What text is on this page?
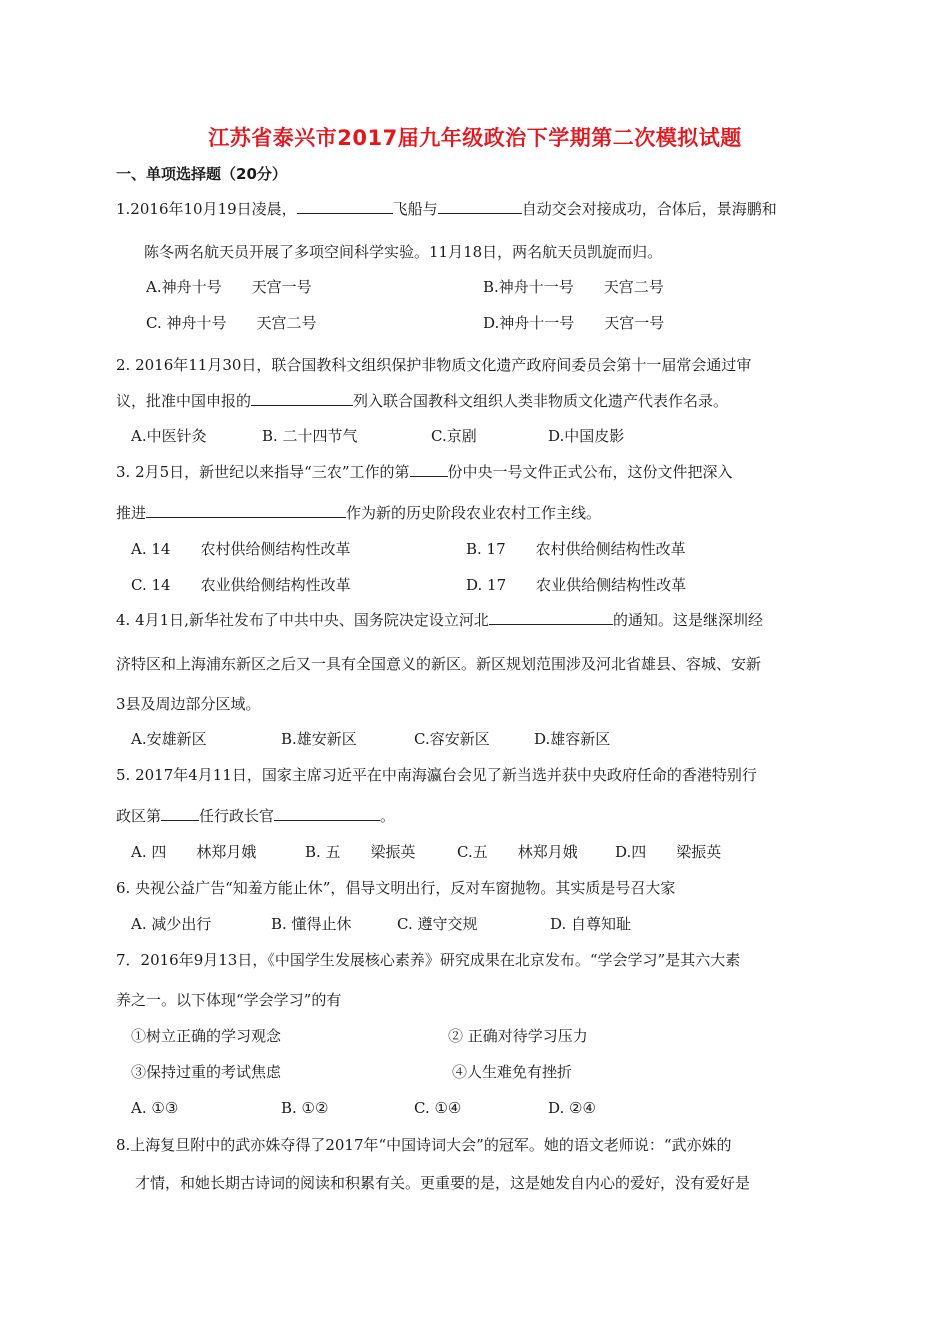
江苏省泰兴市2017届九年级政治下学期第二次模拟试题
一、单项选择题（20分）
1.2016年10月19日凌晨，	飞船与	自动交会对接成功，合体后，景海鹏和
陈冬两名航天员开展了多项空间科学实验。11月18日，两名航天员凯旋而归。
A.神舟十号　　天宫一号	B.神舟十一号　　天宫二号
C. 神舟十号　　天宫二号	D.神舟十一号　　天宫一号
2. 2016年11月30日，联合国教科文组织保护非物质文化遗产政府间委员会第十一届常会通过审
议，批准中国申报的	列入联合国教科文组织人类非物质文化遗产代表作名录。
A.中医针灸	B. 二十四节气	C.京剧	D.中国皮影
3. 2月5日，新世纪以来指导“三农”工作的第	份中央一号文件正式公布，这份文件把深入
推进	作为新的历史阶段农业农村工作主线。
A. 14　　农村供给侧结构性改革	B. 17　　农村供给侧结构性改革
C. 14　　农业供给侧结构性改革	D. 17　　农业供给侧结构性改革
4. 4月1日,新华社发布了中共中央、国务院决定设立河北	的通知。这是继深圳经
济特区和上海浦东新区之后又一具有全国意义的新区。新区规划范围涉及河北省雄县、容城、安新
3县及周边部分区域。
A.安雄新区	B.雄安新区	C.容安新区	D.雄容新区
5. 2017年4月11日，国家主席习近平在中南海瀛台会见了新当选并获中央政府任命的香港特别行
政区第	任行政长官	。
A. 四　　林郑月娥	B. 五　　梁振英	C.五　　林郑月娥 D.四　　梁振英
6. 央视公益广告“知羞方能止休”，倡导文明出行，反对车窗抛物。其实质是号召大家
A. 减少出行	B. 懂得止休	C. 遵守交规	D. 自尊知耻
7．2016年9月13日，《中国学生发展核心素养》研究成果在北京发布。“学会学习”是其六大素
养之一。以下体现“学会学习”的有
①树立正确的学习观念	② 正确对待学习压力
③保持过重的考试焦虑	④人生难免有挫折
A. ①③	B. ①②	C. ①④	D. ②④
8.上海复旦附中的武亦姝夺得了2017年“中国诗词大会”的冠军。她的语文老师说：“武亦姝的
才情，和她长期古诗词的阅读和积累有关。更重要的是，这是她发自内心的爱好，没有爱好是
